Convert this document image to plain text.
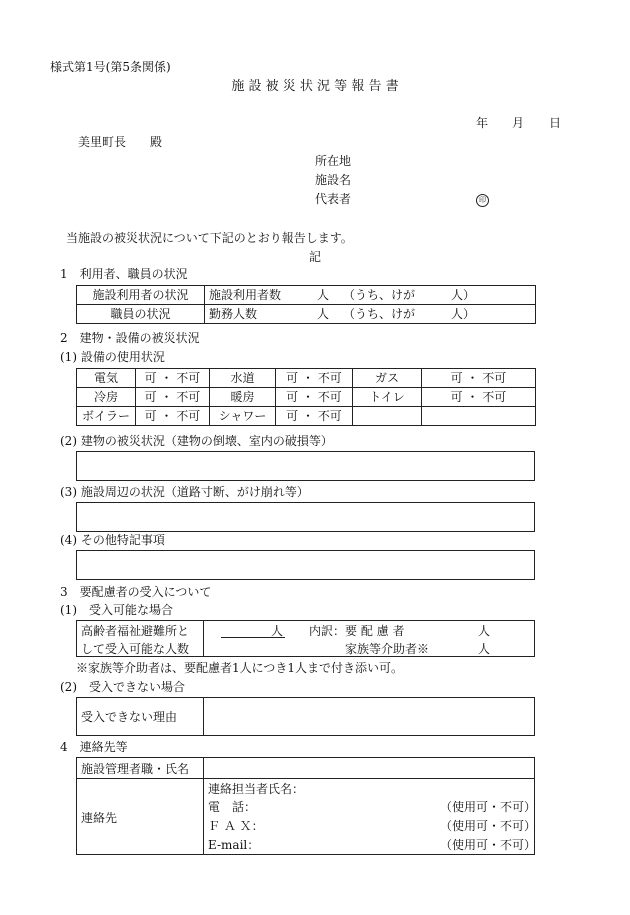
様式第1号(第5条関係)
施 設 被 災 状 況 等 報 告 書
年 月 日
美里町長　　殿
所在地
施設名
代表者	印
当施設の被災状況について下記のとおり報告します。
記
1　利用者、職員の状況
施設利用者の状況	施設利用者数 人 （うち、けが　　　人）
職員の状況	勤務人数 人 （うち、けが　　　人）
2　建物・設備の被災状況
(1) 設備の使用状況
電気	可 ・ 不可	水道	可 ・ 不可	ガス	可 ・ 不可
冷房	可 ・ 不可	暖房	可 ・ 不可	トイレ	可 ・ 不可
ボイラー	可 ・ 不可	シャワー	可 ・ 不可		
(2) 建物の被災状況（建物の倒壊、室内の破損等）
(3) 施設周辺の状況（道路寸断、がけ崩れ等）
(4) その他特記事項
3　要配慮者の受入について
(1)　受入可能な場合
高齢者福祉避難所と
して受入可能な人数
人 内訳： 要 配 慮 者	人
家族等介助者※	人
※家族等介助者は、要配慮者1人につき1人まで付き添い可。
(2)　受入できない場合
受入できない理由
4　連絡先等
施設管理者職・氏名
連絡先
連絡担当者氏名：
電　話：	（使用可・不可）
Ｆ Ａ Ｘ：	（使用可・不可）
E-mail：	（使用可・不可）
